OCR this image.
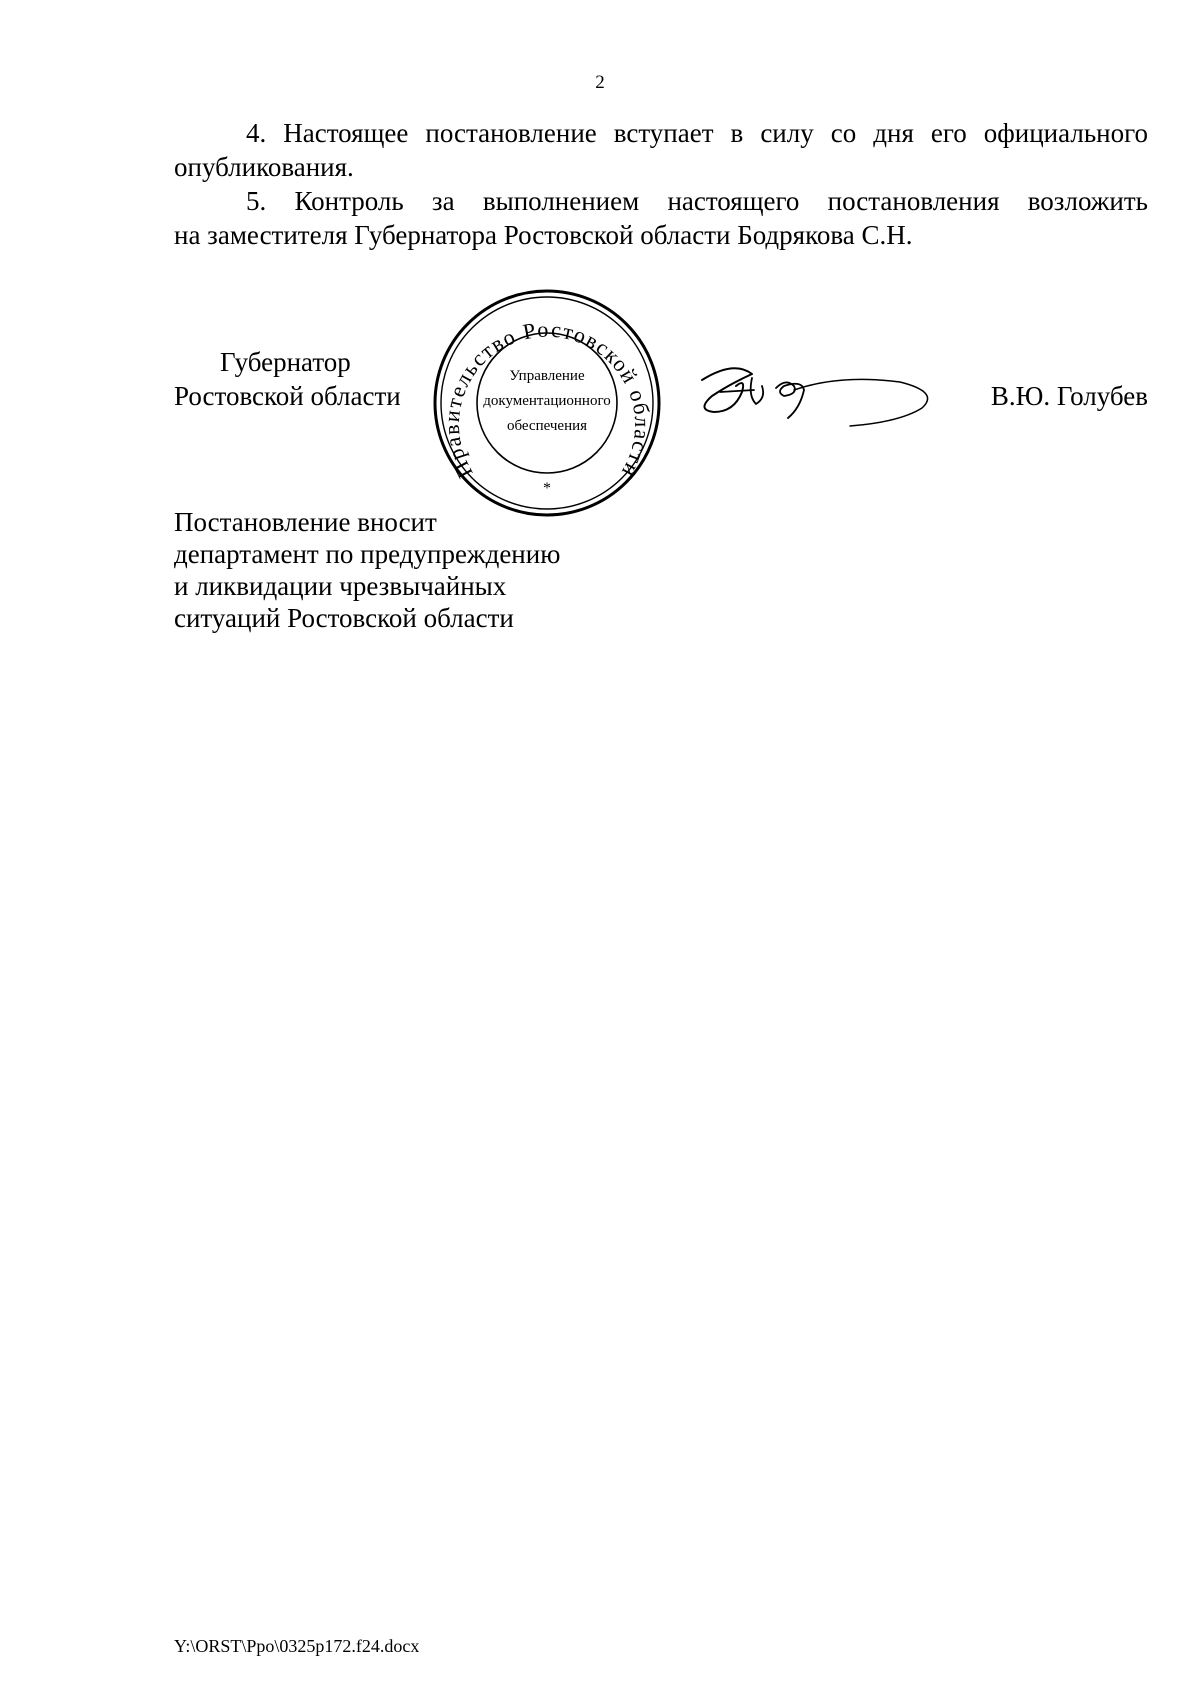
2

4. Настоящее постановление вступает в силу со дня его официального

опубликования.

5. Контроль за выполнением настоящего постановления возложить

на заместителя Губернатора Ростовской области Бодрякова С.Н.

Губернатор
Ростовской области	В.Ю. Голубев
Правительство Ростовской области
Управление
документационного
обеспечения
*
Постановление вносит
департамент по предупреждению
и ликвидации чрезвычайных
ситуаций Ростовской области
Y:\ORST\Ppo\0325p172.f24.docx
